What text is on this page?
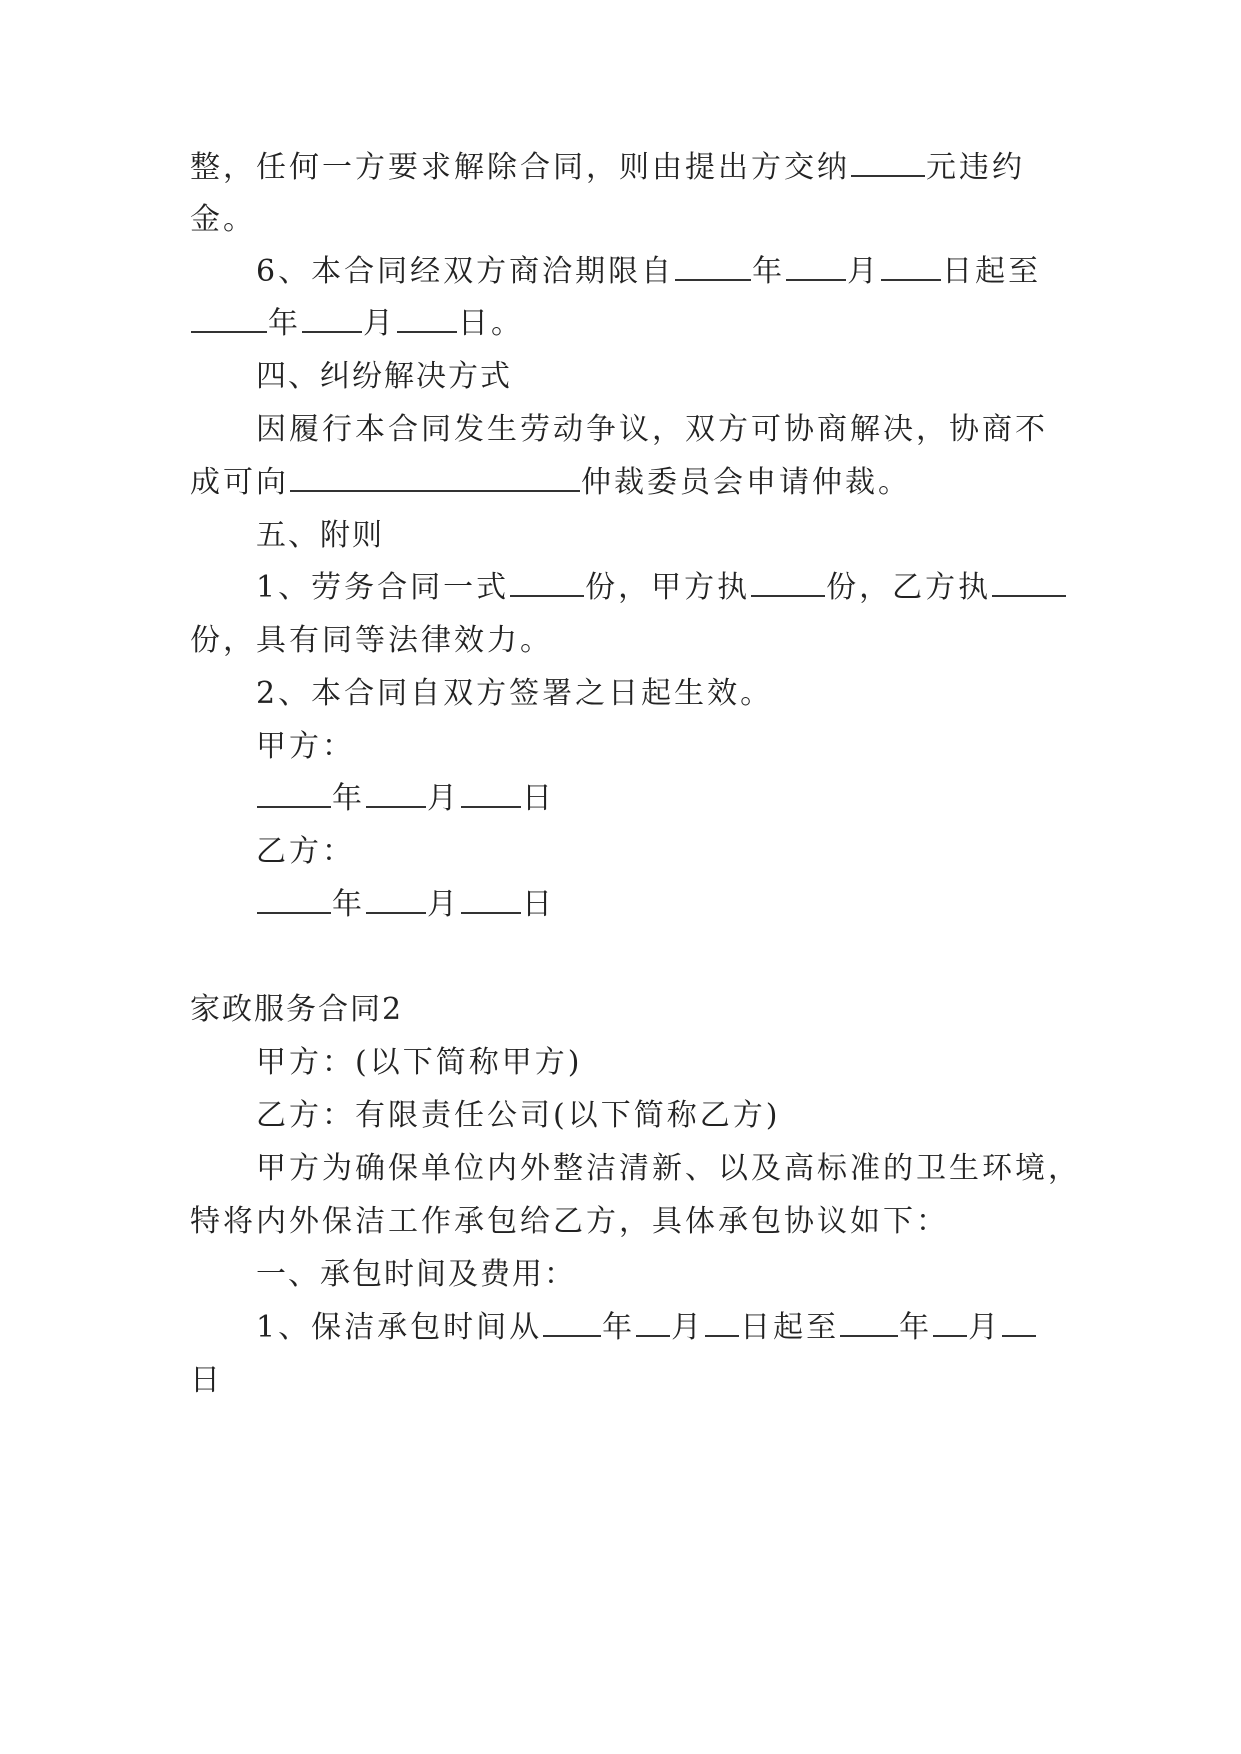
整，任何一方要求解除合同，则由提出方交纳	元违约
金。
6、本合同经双方商洽期限自	年 月 日起至
年 月 日。
四、纠纷解决方式
因履行本合同发生劳动争议，双方可协商解决，协商不
成可向	仲裁委员会申请仲裁。
五、附则
1、劳务合同一式	份，甲方执	份，乙方执
份，具有同等法律效力。
2、本合同自双方签署之日起生效。
甲方：
年 月 日
乙方：
年 月 日
家政服务合同2
甲方：(以下简称甲方)
乙方：有限责任公司(以下简称乙方)
甲方为确保单位内外整洁清新、以及高标准的卫生环境，
特将内外保洁工作承包给乙方，具体承包协议如下：
一、承包时间及费用：
1、保洁承包时间从 年 月 日起至 年 月
日
